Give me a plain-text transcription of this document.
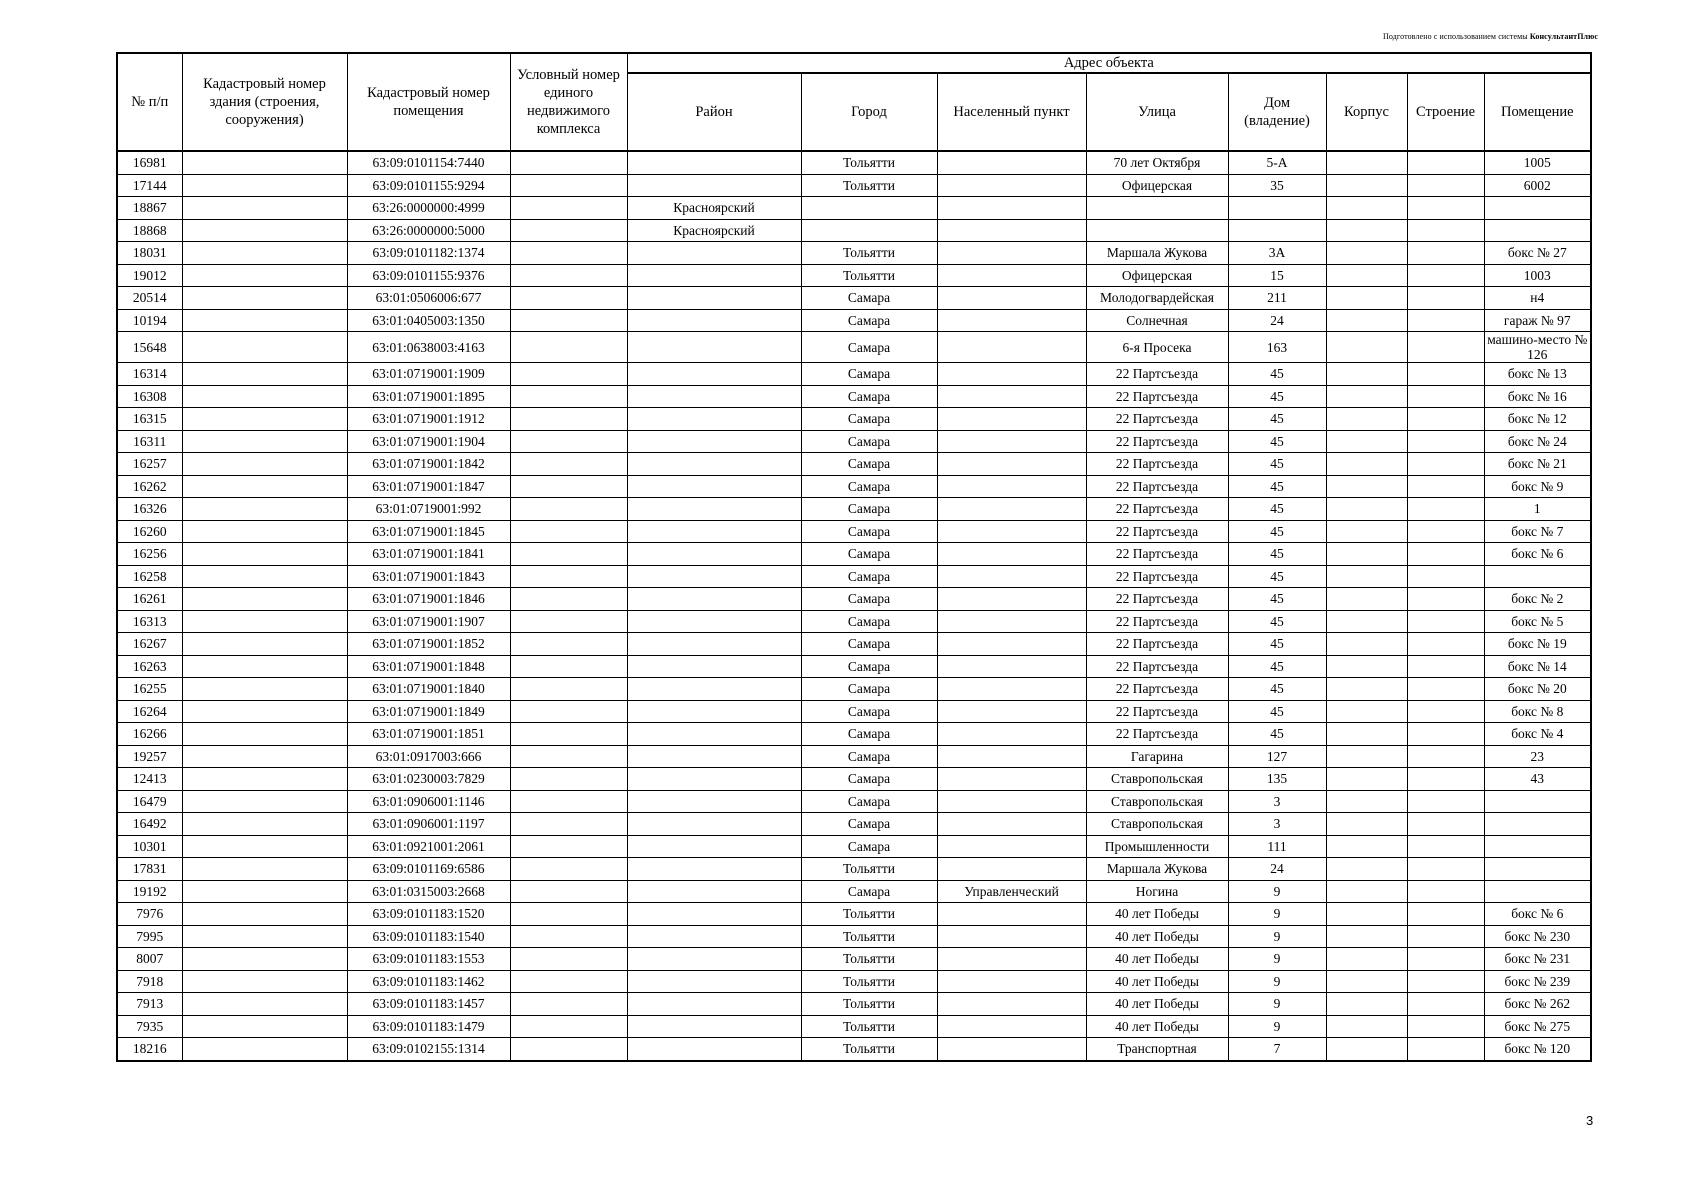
Подготовлено с использованием системы КонсультантПлюс
№ п/п	Кадастровый номер здания (строения, сооружения)	Кадастровый номер помещения	Условный номер единого недвижимого комплекса	Адрес объекта							
				Район	Город	Населенный пункт	Улица	Дом (владение)	Корпус	Строение	Помещение
16981		63:09:0101154:7440			Тольятти		70 лет Октября	5-А			1005
17144		63:09:0101155:9294			Тольятти		Офицерская	35			6002
18867		63:26:0000000:4999		Красноярский							
18868		63:26:0000000:5000		Красноярский							
18031		63:09:0101182:1374			Тольятти		Маршала Жукова	3А			бокс № 27
19012		63:09:0101155:9376			Тольятти		Офицерская	15			1003
20514		63:01:0506006:677			Самара		Молодогвардейская	211			н4
10194		63:01:0405003:1350			Самара		Солнечная	24			гараж № 97
15648		63:01:0638003:4163			Самара		6-я Просека	163			машино-место № 126
16314		63:01:0719001:1909			Самара		22 Партсъезда	45			бокс № 13
16308		63:01:0719001:1895			Самара		22 Партсъезда	45			бокс № 16
16315		63:01:0719001:1912			Самара		22 Партсъезда	45			бокс № 12
16311		63:01:0719001:1904			Самара		22 Партсъезда	45			бокс № 24
16257		63:01:0719001:1842			Самара		22 Партсъезда	45			бокс № 21
16262		63:01:0719001:1847			Самара		22 Партсъезда	45			бокс № 9
16326		63:01:0719001:992			Самара		22 Партсъезда	45			1
16260		63:01:0719001:1845			Самара		22 Партсъезда	45			бокс № 7
16256		63:01:0719001:1841			Самара		22 Партсъезда	45			бокс № 6
16258		63:01:0719001:1843			Самара		22 Партсъезда	45			
16261		63:01:0719001:1846			Самара		22 Партсъезда	45			бокс № 2
16313		63:01:0719001:1907			Самара		22 Партсъезда	45			бокс № 5
16267		63:01:0719001:1852			Самара		22 Партсъезда	45			бокс № 19
16263		63:01:0719001:1848			Самара		22 Партсъезда	45			бокс № 14
16255		63:01:0719001:1840			Самара		22 Партсъезда	45			бокс № 20
16264		63:01:0719001:1849			Самара		22 Партсъезда	45			бокс № 8
16266		63:01:0719001:1851			Самара		22 Партсъезда	45			бокс № 4
19257		63:01:0917003:666			Самара		Гагарина	127			23
12413		63:01:0230003:7829			Самара		Ставропольская	135			43
16479		63:01:0906001:1146			Самара		Ставропольская	3			
16492		63:01:0906001:1197			Самара		Ставропольская	3			
10301		63:01:0921001:2061			Самара		Промышленности	111			
17831		63:09:0101169:6586			Тольятти		Маршала Жукова	24			
19192		63:01:0315003:2668			Самара	Управленческий	Ногина	9			
7976		63:09:0101183:1520			Тольятти		40 лет Победы	9			бокс № 6
7995		63:09:0101183:1540			Тольятти		40 лет Победы	9			бокс № 230
8007		63:09:0101183:1553			Тольятти		40 лет Победы	9			бокс № 231
7918		63:09:0101183:1462			Тольятти		40 лет Победы	9			бокс № 239
7913		63:09:0101183:1457			Тольятти		40 лет Победы	9			бокс № 262
7935		63:09:0101183:1479			Тольятти		40 лет Победы	9			бокс № 275
18216		63:09:0102155:1314			Тольятти		Транспортная	7			бокс № 120
3
